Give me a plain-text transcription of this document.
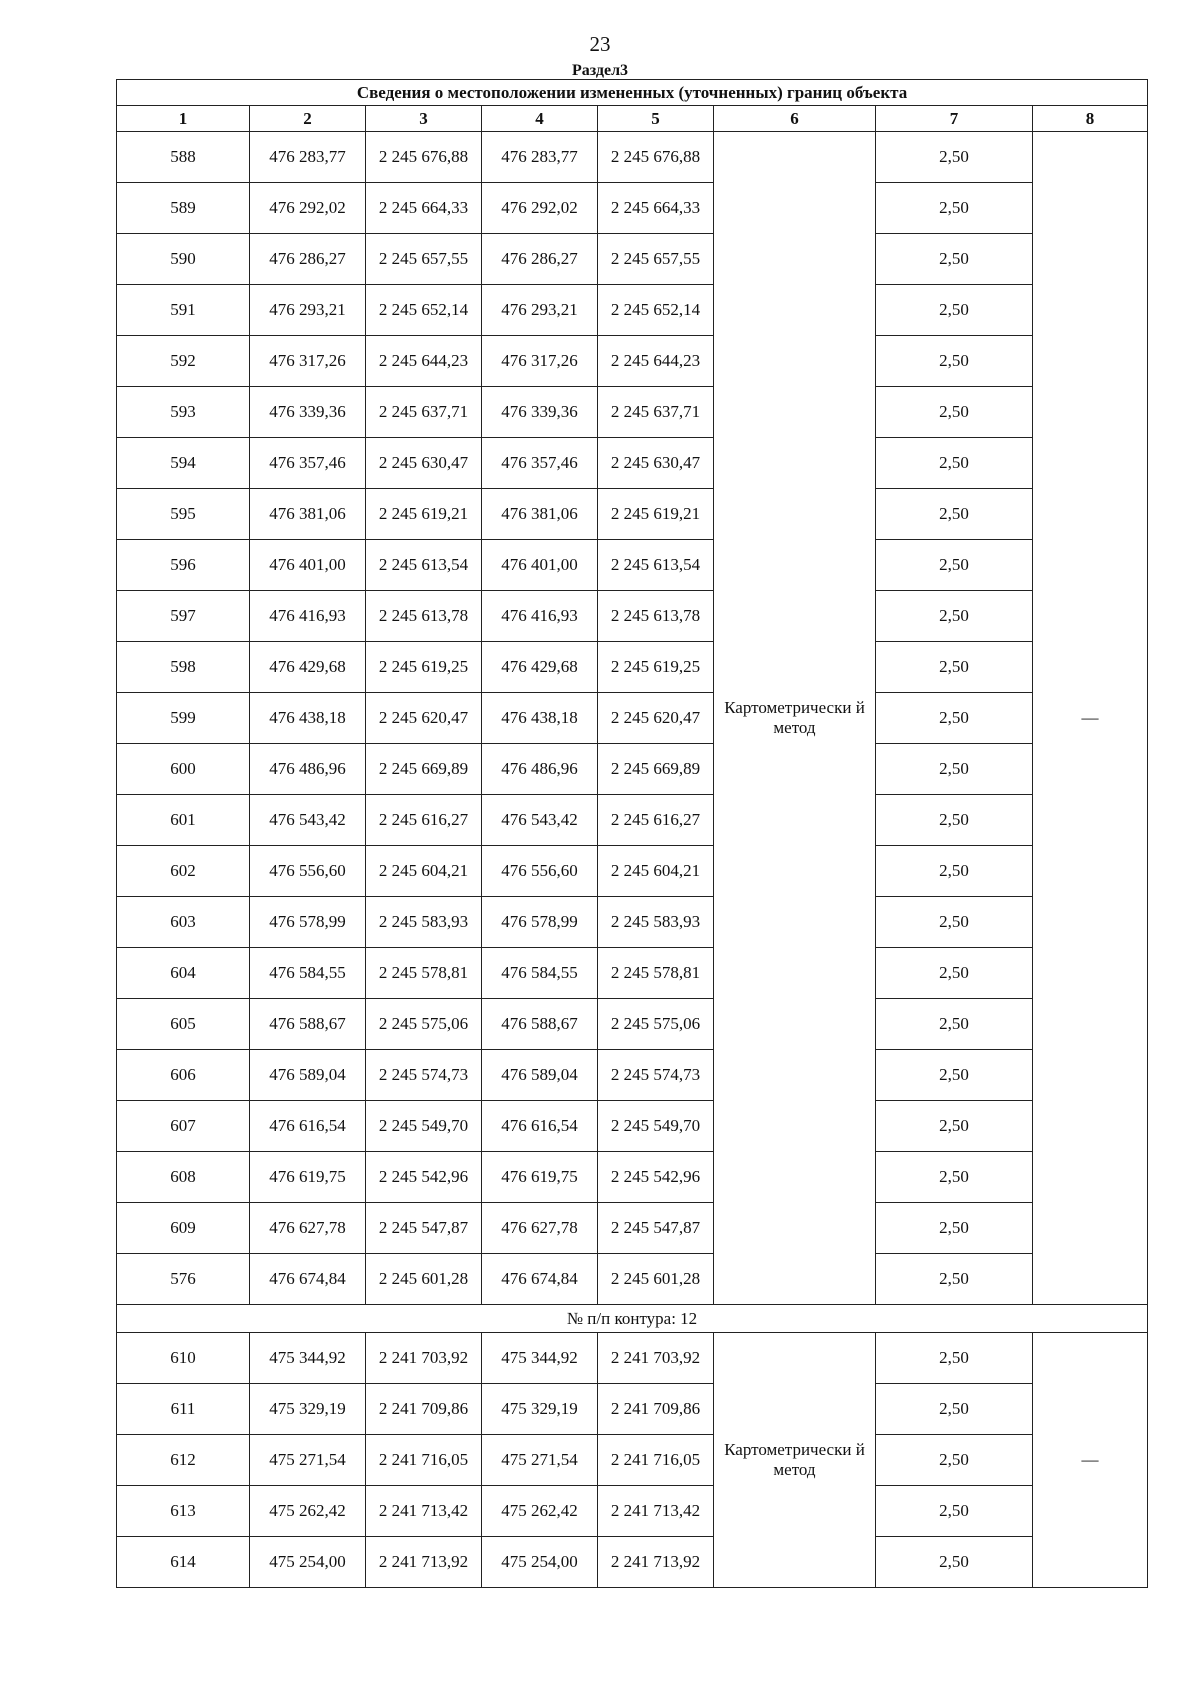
23
Раздел3
Сведения о местоположении измененных (уточненных) границ объекта							
1	2	3	4	5	6	7	8
588	476 283,77	2 245 676,88	476 283,77	2 245 676,88	Картометрически й метод	2,50	—
589	476 292,02	2 245 664,33	476 292,02	2 245 664,33		2,50	
590	476 286,27	2 245 657,55	476 286,27	2 245 657,55		2,50	
591	476 293,21	2 245 652,14	476 293,21	2 245 652,14		2,50	
592	476 317,26	2 245 644,23	476 317,26	2 245 644,23		2,50	
593	476 339,36	2 245 637,71	476 339,36	2 245 637,71		2,50	
594	476 357,46	2 245 630,47	476 357,46	2 245 630,47		2,50	
595	476 381,06	2 245 619,21	476 381,06	2 245 619,21		2,50	
596	476 401,00	2 245 613,54	476 401,00	2 245 613,54		2,50	
597	476 416,93	2 245 613,78	476 416,93	2 245 613,78		2,50	
598	476 429,68	2 245 619,25	476 429,68	2 245 619,25		2,50	
599	476 438,18	2 245 620,47	476 438,18	2 245 620,47		2,50	
600	476 486,96	2 245 669,89	476 486,96	2 245 669,89		2,50	
601	476 543,42	2 245 616,27	476 543,42	2 245 616,27		2,50	
602	476 556,60	2 245 604,21	476 556,60	2 245 604,21		2,50	
603	476 578,99	2 245 583,93	476 578,99	2 245 583,93		2,50	
604	476 584,55	2 245 578,81	476 584,55	2 245 578,81		2,50	
605	476 588,67	2 245 575,06	476 588,67	2 245 575,06		2,50	
606	476 589,04	2 245 574,73	476 589,04	2 245 574,73		2,50	
607	476 616,54	2 245 549,70	476 616,54	2 245 549,70		2,50	
608	476 619,75	2 245 542,96	476 619,75	2 245 542,96		2,50	
609	476 627,78	2 245 547,87	476 627,78	2 245 547,87		2,50	
576	476 674,84	2 245 601,28	476 674,84	2 245 601,28		2,50	
№ п/п контура: 12							
610	475 344,92	2 241 703,92	475 344,92	2 241 703,92	Картометрически й метод	2,50	—
611	475 329,19	2 241 709,86	475 329,19	2 241 709,86		2,50	
612	475 271,54	2 241 716,05	475 271,54	2 241 716,05		2,50	
613	475 262,42	2 241 713,42	475 262,42	2 241 713,42		2,50	
614	475 254,00	2 241 713,92	475 254,00	2 241 713,92		2,50	
